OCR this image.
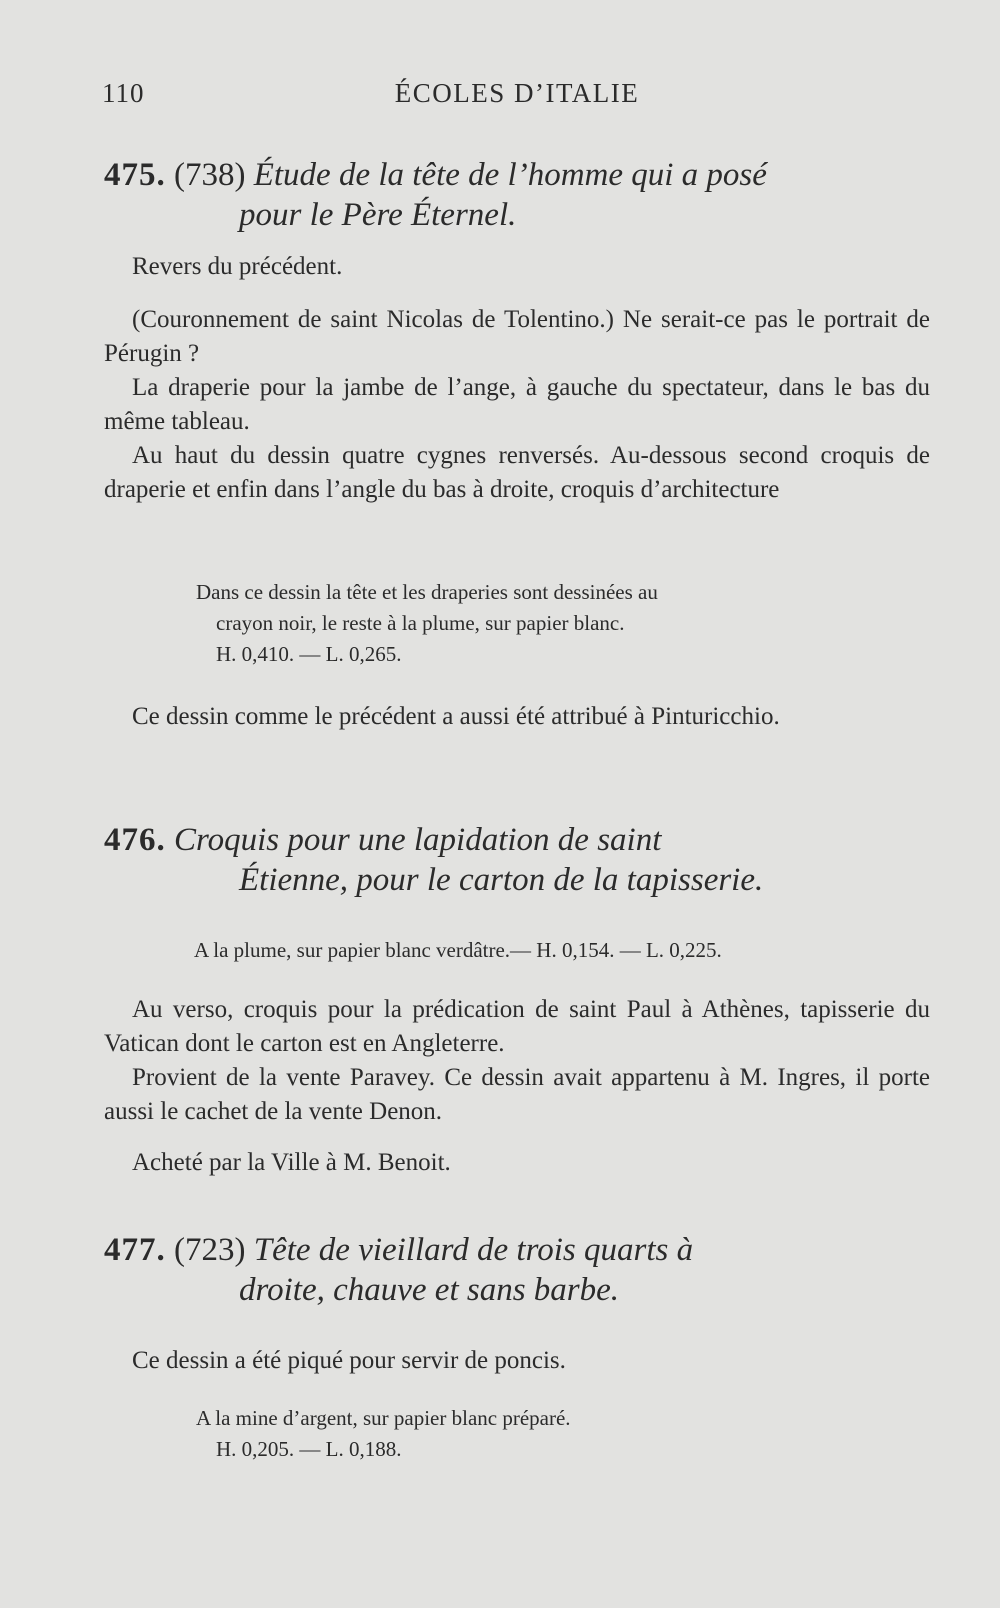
110	ÉCOLES D’ITALIE
475. (738) Étude de la tête de l’homme qui a posé
pour le Père Éternel.

Revers du précédent.

(Couronnement de saint Nicolas de Tolentino.) Ne serait-ce pas le portrait de Pérugin ?

La draperie pour la jambe de l’ange, à gauche du spectateur, dans le bas du même tableau.

Au haut du dessin quatre cygnes renversés. Au-dessous second croquis de draperie et enfin dans l’angle du bas à droite, croquis d’architecture

Dans ce dessin la tête et les draperies sont dessinées au
crayon noir, le reste à la plume, sur papier blanc.
H. 0,410. — L. 0,265.

Ce dessin comme le précédent a aussi été attribué à Pinturicchio.

476. Croquis pour une lapidation de saint
Étienne, pour le carton de la tapisserie.
A la plume, sur papier blanc verdâtre.— H. 0,154. — L. 0,225.

Au verso, croquis pour la prédication de saint Paul à Athènes, tapisserie du Vatican dont le carton est en Angleterre.

Provient de la vente Paravey. Ce dessin avait appartenu à M. Ingres, il porte aussi le cachet de la vente Denon.

Acheté par la Ville à M. Benoit.

477. (723) Tête de vieillard de trois quarts à
droite, chauve et sans barbe.

Ce dessin a été piqué pour servir de poncis.

A la mine d’argent, sur papier blanc préparé.
H. 0,205. — L. 0,188.
